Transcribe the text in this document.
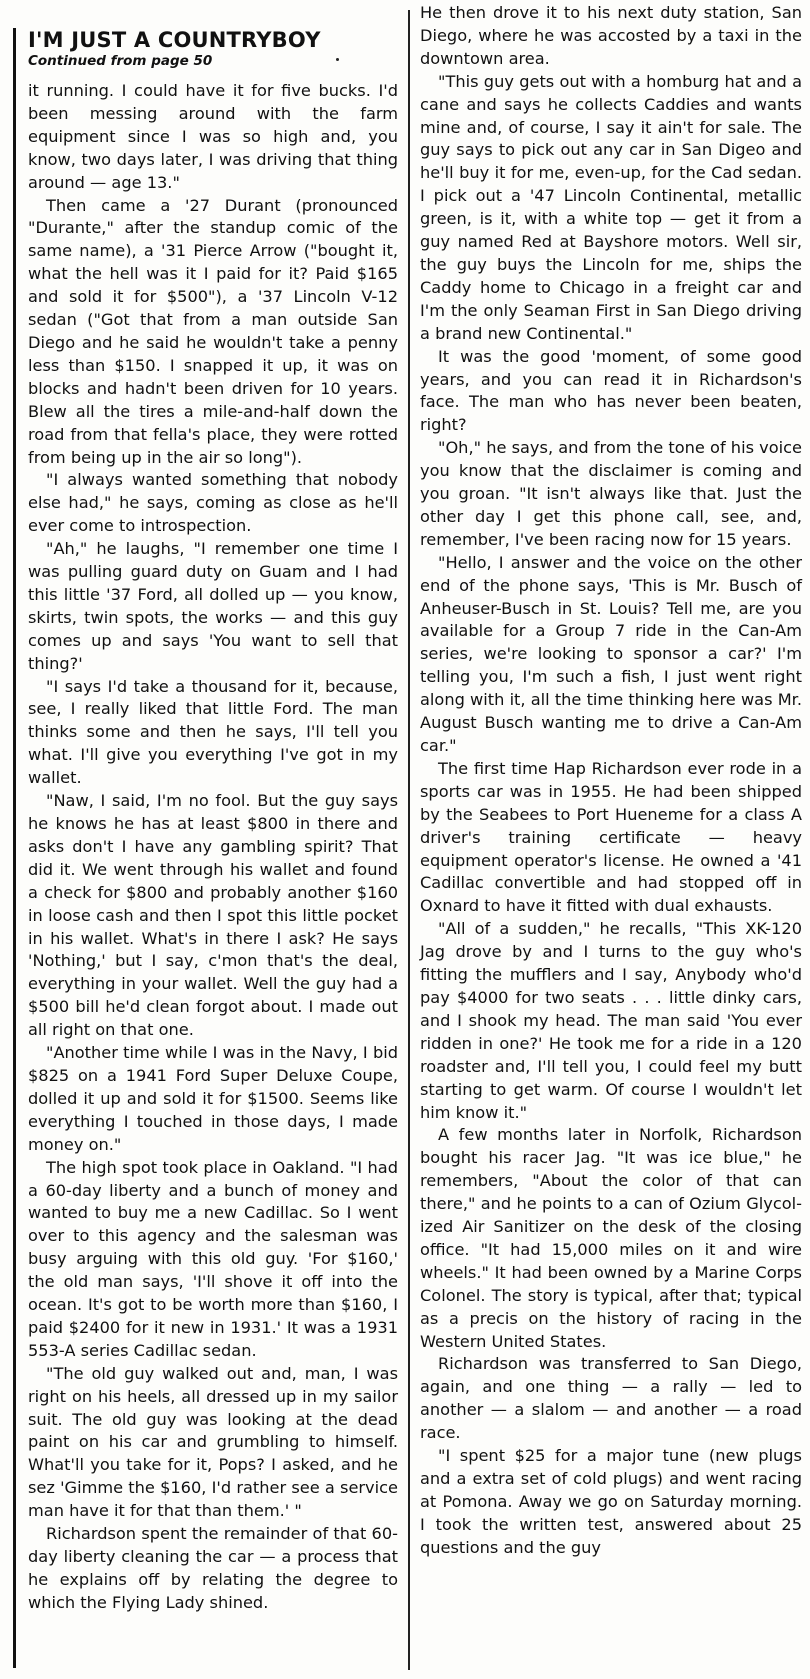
I'M JUST A COUNTRYBOY

Continued from page 50

it running. I could have it for five bucks. I'd been messing around with the farm equipment since I was so high and, you know, two days later, I was driving that thing around — age 13."

Then came a '27 Durant (pronounced "Durante," after the standup comic of the same name), a '31 Pierce Arrow ("bought it, what the hell was it I paid for it? Paid $165 and sold it for $500"), a '37 Lincoln V-12 sedan ("Got that from a man outside San Diego and he said he wouldn't take a penny less than $150. I snapped it up, it was on blocks and hadn't been driven for 10 years. Blew all the tires a mile-and-half down the road from that fella's place, they were rotted from being up in the air so long").

"I always wanted something that nobody else had," he says, coming as close as he'll ever come to introspection.

"Ah," he laughs, "I remember one time I was pulling guard duty on Guam and I had this little '37 Ford, all dolled up — you know, skirts, twin spots, the works — and this guy comes up and says 'You want to sell that thing?'

"I says I'd take a thousand for it, because, see, I really liked that little Ford. The man thinks some and then he says, I'll tell you what. I'll give you everything I've got in my wallet.

"Naw, I said, I'm no fool. But the guy says he knows he has at least $800 in there and asks don't I have any gambling spirit? That did it. We went through his wallet and found a check for $800 and probably another $160 in loose cash and then I spot this little pocket in his wallet. What's in there I ask? He says 'Nothing,' but I say, c'mon that's the deal, everything in your wallet. Well the guy had a $500 bill he'd clean forgot about. I made out all right on that one.

"Another time while I was in the Navy, I bid $825 on a 1941 Ford Super Deluxe Coupe, dolled it up and sold it for $1500. Seems like everything I touched in those days, I made money on."

The high spot took place in Oakland. "I had a 60-day liberty and a bunch of money and wanted to buy me a new Cadillac. So I went over to this agency and the salesman was busy arguing with this old guy. 'For $160,' the old man says, 'I'll shove it off into the ocean. It's got to be worth more than $160, I paid $2400 for it new in 1931.' It was a 1931 553-A series Cadillac sedan.

"The old guy walked out and, man, I was right on his heels, all dressed up in my sailor suit. The old guy was looking at the dead paint on his car and grumbling to himself. What'll you take for it, Pops? I asked, and he sez 'Gimme the $160, I'd rather see a service man have it for that than them.' "

Richardson spent the remainder of that 60-day liberty cleaning the car — a process that he explains off by relating the degree to which the Flying Lady shined.

He then drove it to his next duty station, San Diego, where he was accosted by a taxi in the downtown area.

"This guy gets out with a homburg hat and a cane and says he collects Caddies and wants mine and, of course, I say it ain't for sale. The guy says to pick out any car in San Digeo and he'll buy it for me, even-up, for the Cad sedan. I pick out a '47 Lincoln Continental, metallic green, is it, with a white top — get it from a guy named Red at Bayshore motors. Well sir, the guy buys the Lincoln for me, ships the Caddy home to Chicago in a freight car and I'm the only Seaman First in San Diego driving a brand new Continental."

It was the good 'moment, of some good years, and you can read it in Richardson's face. The man who has never been beaten, right?

"Oh," he says, and from the tone of his voice you know that the disclaimer is coming and you groan. "It isn't always like that. Just the other day I get this phone call, see, and, remember, I've been racing now for 15 years.

"Hello, I answer and the voice on the other end of the phone says, 'This is Mr. Busch of Anheuser-Busch in St. Louis? Tell me, are you available for a Group 7 ride in the Can-Am series, we're looking to sponsor a car?' I'm telling you, I'm such a fish, I just went right along with it, all the time thinking here was Mr. August Busch wanting me to drive a Can-Am car."

The first time Hap Richardson ever rode in a sports car was in 1955. He had been shipped by the Seabees to Port Hueneme for a class A driver's training certificate — heavy equipment operator's license. He owned a '41 Cadillac convertible and had stopped off in Oxnard to have it fitted with dual exhausts.

"All of a sudden," he recalls, "This XK-120 Jag drove by and I turns to the guy who's fitting the mufflers and I say, Anybody who'd pay $4000 for two seats . . . little dinky cars, and I shook my head. The man said 'You ever ridden in one?' He took me for a ride in a 120 roadster and, I'll tell you, I could feel my butt starting to get warm. Of course I wouldn't let him know it."

A few months later in Norfolk, Richardson bought his racer Jag. "It was ice blue," he remembers, "About the color of that can there," and he points to a can of Ozium Glycol-ized Air Sanitizer on the desk of the closing office. "It had 15,000 miles on it and wire wheels." It had been owned by a Marine Corps Colonel. The story is typical, after that; typical as a precis on the history of racing in the Western United States.

Richardson was transferred to San Diego, again, and one thing — a rally — led to another — a slalom — and another — a road race.

"I spent $25 for a major tune (new plugs and a extra set of cold plugs) and went racing at Pomona. Away we go on Saturday morning. I took the written test, answered about 25 questions and the guy
